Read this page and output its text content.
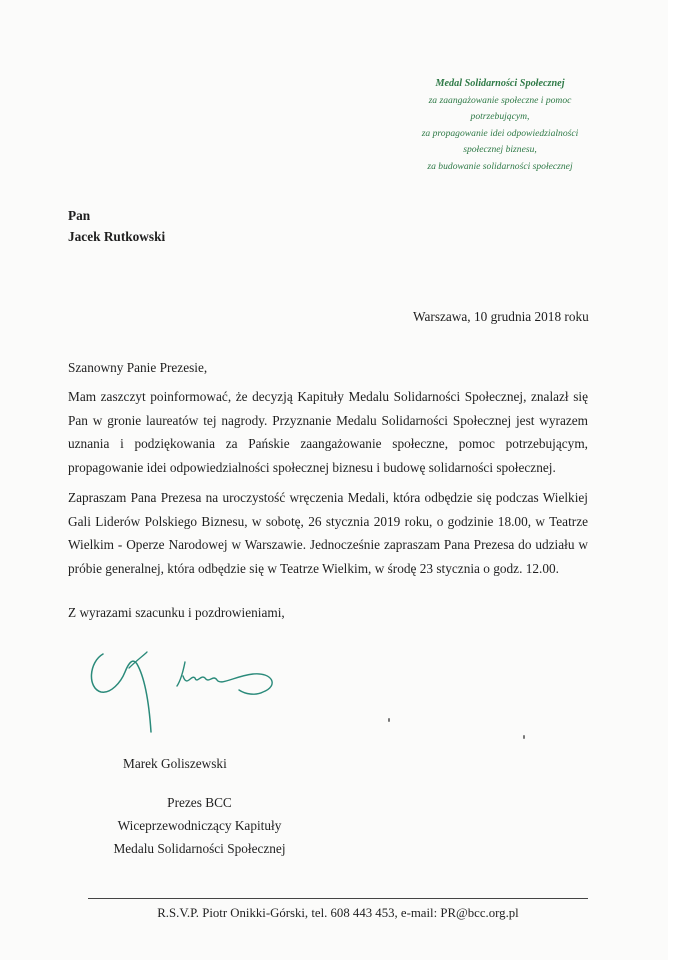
Medal Solidarności Społecznej
za zaangażowanie społeczne i pomoc
potrzebującym,
za propagowanie idei odpowiedzialności
społecznej biznesu,
za budowanie solidarności społecznej
Pan
Jacek Rutkowski
Warszawa, 10 grudnia 2018 roku
Szanowny Panie Prezesie,

Mam zaszczyt poinformować, że decyzją Kapituły Medalu Solidarności Społecznej, znalazł się Pan w gronie laureatów tej nagrody. Przyznanie Medalu Solidarności Społecznej jest wyrazem uznania i podziękowania za Pańskie zaangażowanie społeczne, pomoc potrzebującym, propagowanie idei odpowiedzialności społecznej biznesu i budowę solidarności społecznej.

Zapraszam Pana Prezesa na uroczystość wręczenia Medali, która odbędzie się podczas Wielkiej Gali Liderów Polskiego Biznesu, w sobotę, 26 stycznia 2019 roku, o godzinie 18.00, w Teatrze Wielkim - Operze Narodowej w Warszawie. Jednocześnie zapraszam Pana Prezesa do udziału w próbie generalnej, która odbędzie się w Teatrze Wielkim, w środę 23 stycznia o godz. 12.00.

Z wyrazami szacunku i pozdrowieniami,
Marek Goliszewski
Prezes BCC
Wiceprzewodniczący Kapituły
Medalu Solidarności Społecznej
R.S.V.P. Piotr Onikki-Górski, tel. 608 443 453, e-mail: PR@bcc.org.pl
